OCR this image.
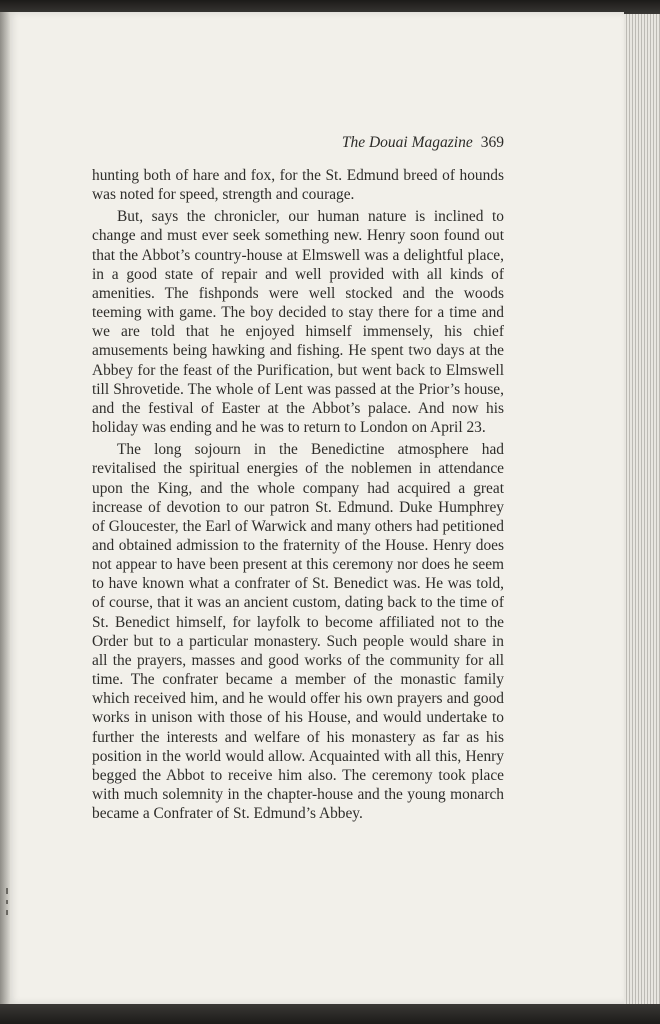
The Douai Magazine 369

hunting both of hare and fox, for the St. Edmund breed of hounds was noted for speed, strength and courage.

But, says the chronicler, our human nature is inclined to change and must ever seek something new. Henry soon found out that the Abbot’s country-house at Elmswell was a delightful place, in a good state of repair and well provided with all kinds of amenities. The fishponds were well stocked and the woods teeming with game. The boy decided to stay there for a time and we are told that he enjoyed himself immensely, his chief amusements being hawking and fishing. He spent two days at the Abbey for the feast of the Purification, but went back to Elmswell till Shrovetide. The whole of Lent was passed at the Prior’s house, and the festival of Easter at the Abbot’s palace. And now his holiday was ending and he was to return to London on April 23.

The long sojourn in the Benedictine atmosphere had revitalised the spiritual energies of the noblemen in attendance upon the King, and the whole company had acquired a great increase of devotion to our patron St. Edmund. Duke Humphrey of Gloucester, the Earl of Warwick and many others had petitioned and obtained admission to the fraternity of the House. Henry does not appear to have been present at this ceremony nor does he seem to have known what a confrater of St. Benedict was. He was told, of course, that it was an ancient custom, dating back to the time of St. Benedict himself, for layfolk to become affiliated not to the Order but to a particular monastery. Such people would share in all the prayers, masses and good works of the community for all time. The confrater became a member of the monastic family which received him, and he would offer his own prayers and good works in unison with those of his House, and would undertake to further the interests and welfare of his monastery as far as his position in the world would allow. Acquainted with all this, Henry begged the Abbot to receive him also. The ceremony took place with much solemnity in the chapter-house and the young monarch became a Confrater of St. Edmund’s Abbey.
